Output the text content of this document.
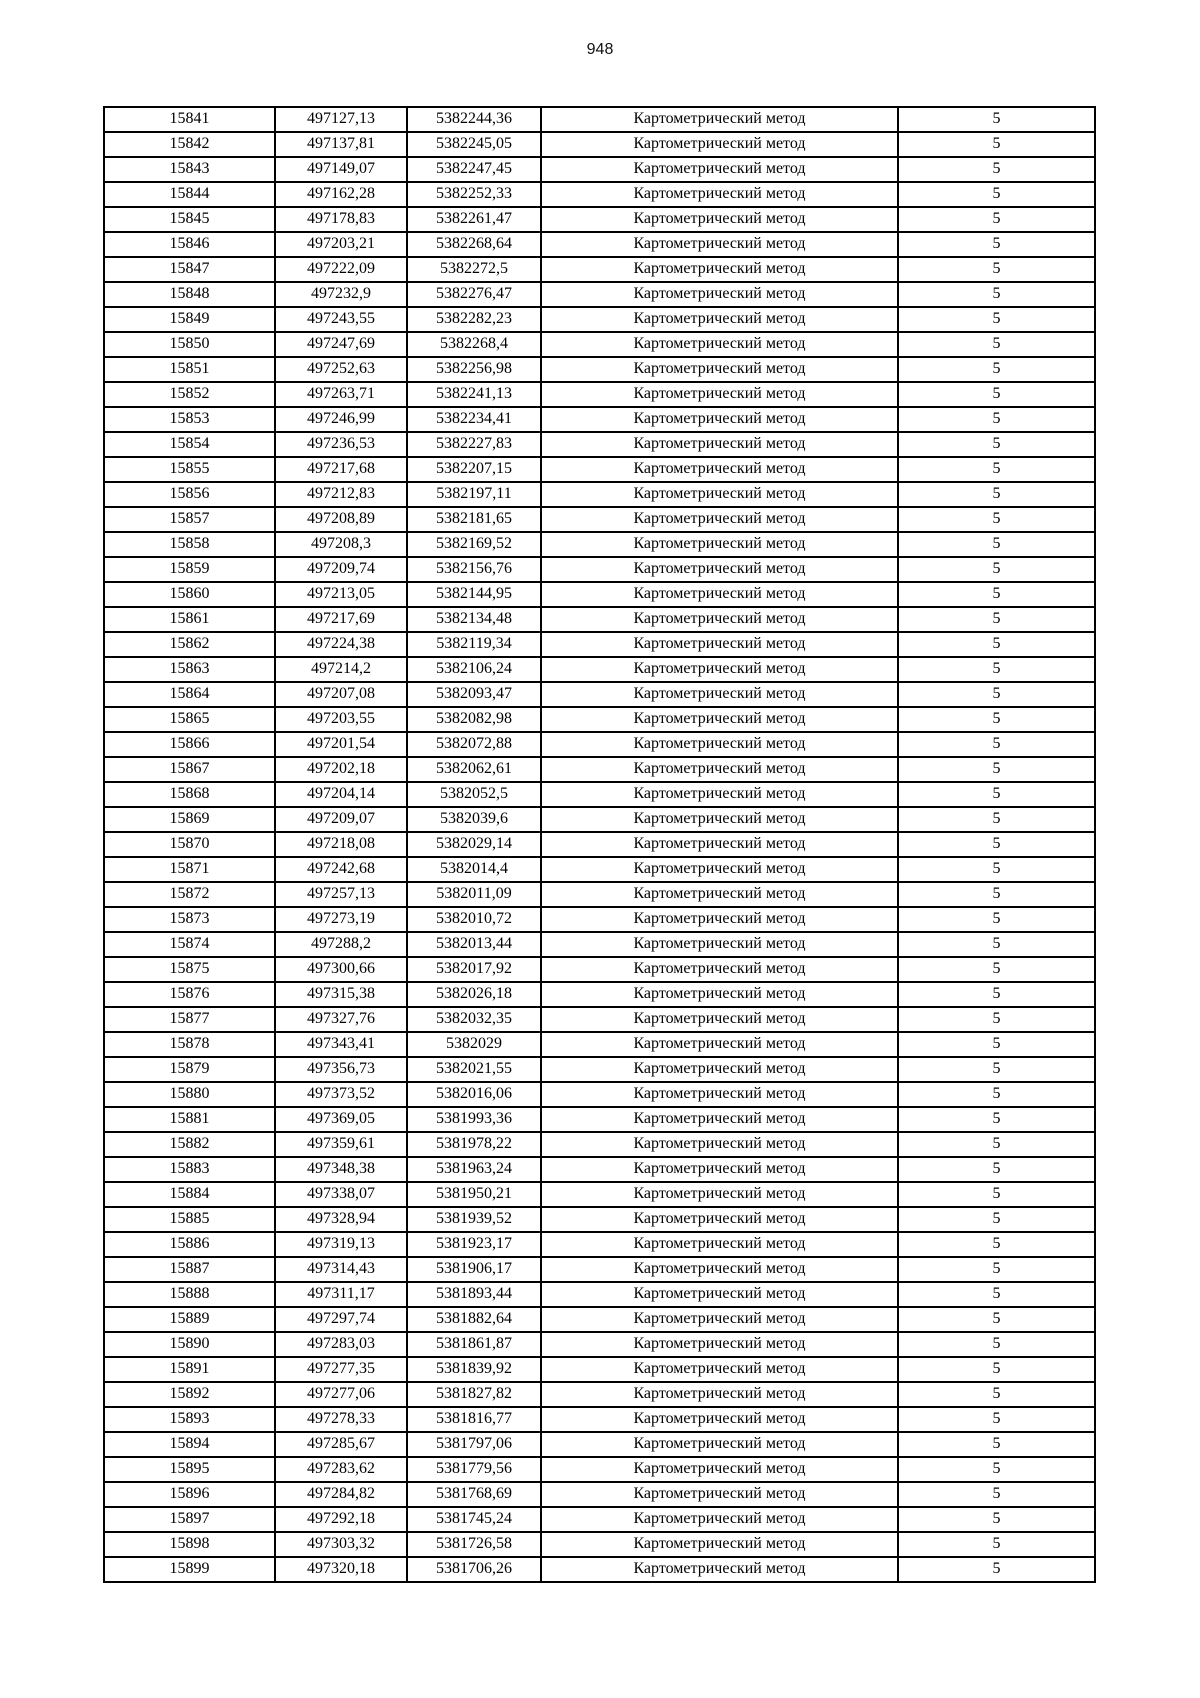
948
15841	497127,13	5382244,36	Картометрический метод	5
15842	497137,81	5382245,05	Картометрический метод	5
15843	497149,07	5382247,45	Картометрический метод	5
15844	497162,28	5382252,33	Картометрический метод	5
15845	497178,83	5382261,47	Картометрический метод	5
15846	497203,21	5382268,64	Картометрический метод	5
15847	497222,09	5382272,5	Картометрический метод	5
15848	497232,9	5382276,47	Картометрический метод	5
15849	497243,55	5382282,23	Картометрический метод	5
15850	497247,69	5382268,4	Картометрический метод	5
15851	497252,63	5382256,98	Картометрический метод	5
15852	497263,71	5382241,13	Картометрический метод	5
15853	497246,99	5382234,41	Картометрический метод	5
15854	497236,53	5382227,83	Картометрический метод	5
15855	497217,68	5382207,15	Картометрический метод	5
15856	497212,83	5382197,11	Картометрический метод	5
15857	497208,89	5382181,65	Картометрический метод	5
15858	497208,3	5382169,52	Картометрический метод	5
15859	497209,74	5382156,76	Картометрический метод	5
15860	497213,05	5382144,95	Картометрический метод	5
15861	497217,69	5382134,48	Картометрический метод	5
15862	497224,38	5382119,34	Картометрический метод	5
15863	497214,2	5382106,24	Картометрический метод	5
15864	497207,08	5382093,47	Картометрический метод	5
15865	497203,55	5382082,98	Картометрический метод	5
15866	497201,54	5382072,88	Картометрический метод	5
15867	497202,18	5382062,61	Картометрический метод	5
15868	497204,14	5382052,5	Картометрический метод	5
15869	497209,07	5382039,6	Картометрический метод	5
15870	497218,08	5382029,14	Картометрический метод	5
15871	497242,68	5382014,4	Картометрический метод	5
15872	497257,13	5382011,09	Картометрический метод	5
15873	497273,19	5382010,72	Картометрический метод	5
15874	497288,2	5382013,44	Картометрический метод	5
15875	497300,66	5382017,92	Картометрический метод	5
15876	497315,38	5382026,18	Картометрический метод	5
15877	497327,76	5382032,35	Картометрический метод	5
15878	497343,41	5382029	Картометрический метод	5
15879	497356,73	5382021,55	Картометрический метод	5
15880	497373,52	5382016,06	Картометрический метод	5
15881	497369,05	5381993,36	Картометрический метод	5
15882	497359,61	5381978,22	Картометрический метод	5
15883	497348,38	5381963,24	Картометрический метод	5
15884	497338,07	5381950,21	Картометрический метод	5
15885	497328,94	5381939,52	Картометрический метод	5
15886	497319,13	5381923,17	Картометрический метод	5
15887	497314,43	5381906,17	Картометрический метод	5
15888	497311,17	5381893,44	Картометрический метод	5
15889	497297,74	5381882,64	Картометрический метод	5
15890	497283,03	5381861,87	Картометрический метод	5
15891	497277,35	5381839,92	Картометрический метод	5
15892	497277,06	5381827,82	Картометрический метод	5
15893	497278,33	5381816,77	Картометрический метод	5
15894	497285,67	5381797,06	Картометрический метод	5
15895	497283,62	5381779,56	Картометрический метод	5
15896	497284,82	5381768,69	Картометрический метод	5
15897	497292,18	5381745,24	Картометрический метод	5
15898	497303,32	5381726,58	Картометрический метод	5
15899	497320,18	5381706,26	Картометрический метод	5
